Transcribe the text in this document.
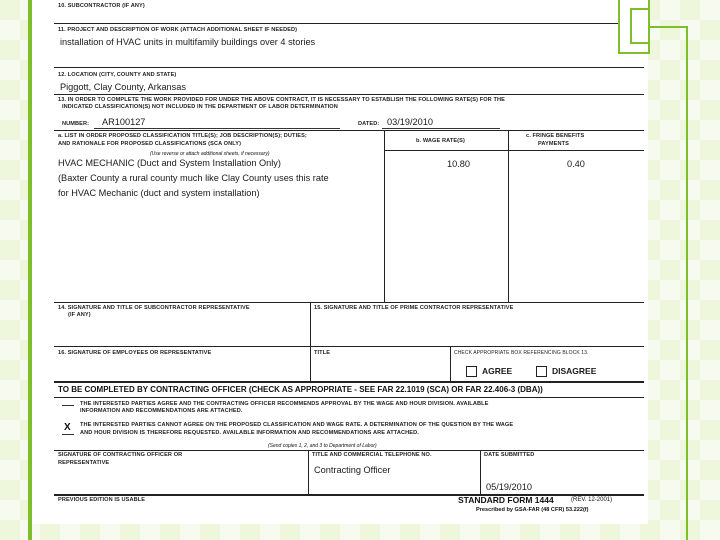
10. SUBCONTRACTOR (IF ANY)
11. PROJECT AND DESCRIPTION OF WORK (ATTACH ADDITIONAL SHEET IF NEEDED)
installation of HVAC units in multifamily buildings over 4 stories
12. LOCATION (CITY, COUNTY AND STATE)
Piggott, Clay County, Arkansas
13. IN ORDER TO COMPLETE THE WORK PROVIDED FOR UNDER THE ABOVE CONTRACT, IT IS NECESSARY TO ESTABLISH THE FOLLOWING RATE(S) FOR THE
INDICATED CLASSIFICATION(S) NOT INCLUDED IN THE DEPARTMENT OF LABOR DETERMINATION
NUMBER: AR100127	DATED: 03/19/2010
a. LIST IN ORDER PROPOSED CLASSIFICATION TITLE(S); JOB DESCRIPTION(S); DUTIES;
AND RATIONALE FOR PROPOSED CLASSIFICATIONS (SCA ONLY)
(Use reverse or attach additional sheets, if necessary)
b. WAGE RATE(S)
c. FRINGE BENEFITS
PAYMENTS
HVAC MECHANIC (Duct and System Installation Only)
(Baxter County a rural county much like Clay County uses this rate
for HVAC Mechanic (duct and system installation)
10.80	0.40
14. SIGNATURE AND TITLE OF SUBCONTRACTOR REPRESENTATIVE
(IF ANY)
15. SIGNATURE AND TITLE OF PRIME CONTRACTOR REPRESENTATIVE
16. SIGNATURE OF EMPLOYEES OR REPRESENTATIVE	TITLE	CHECK APPROPRIATE BOX REFERENCING BLOCK 13.
AGREE	DISAGREE
TO BE COMPLETED BY CONTRACTING OFFICER (CHECK AS APPROPRIATE - SEE FAR 22.1019 (SCA) OR FAR 22.406-3 (DBA))
THE INTERESTED PARTIES AGREE AND THE CONTRACTING OFFICER RECOMMENDS APPROVAL BY THE WAGE AND HOUR DIVISION. AVAILABLE
INFORMATION AND RECOMMENDATIONS ARE ATTACHED.
X THE INTERESTED PARTIES CANNOT AGREE ON THE PROPOSED CLASSIFICATION AND WAGE RATE. A DETERMINATION OF THE QUESTION BY THE WAGE
AND HOUR DIVISION IS THEREFORE REQUESTED. AVAILABLE INFORMATION AND RECOMMENDATIONS ARE ATTACHED.
(Send copies 1, 2, and 3 to Department of Labor)
SIGNATURE OF CONTRACTING OFFICER OR
REPRESENTATIVE
TITLE AND COMMERCIAL TELEPHONE NO.
Contracting Officer
DATE SUBMITTED
05/19/2010
PREVIOUS EDITION IS USABLE	STANDARD FORM 1444	(REV. 12-2001)
Prescribed by GSA-FAR (48 CFR) 53.222(f)
